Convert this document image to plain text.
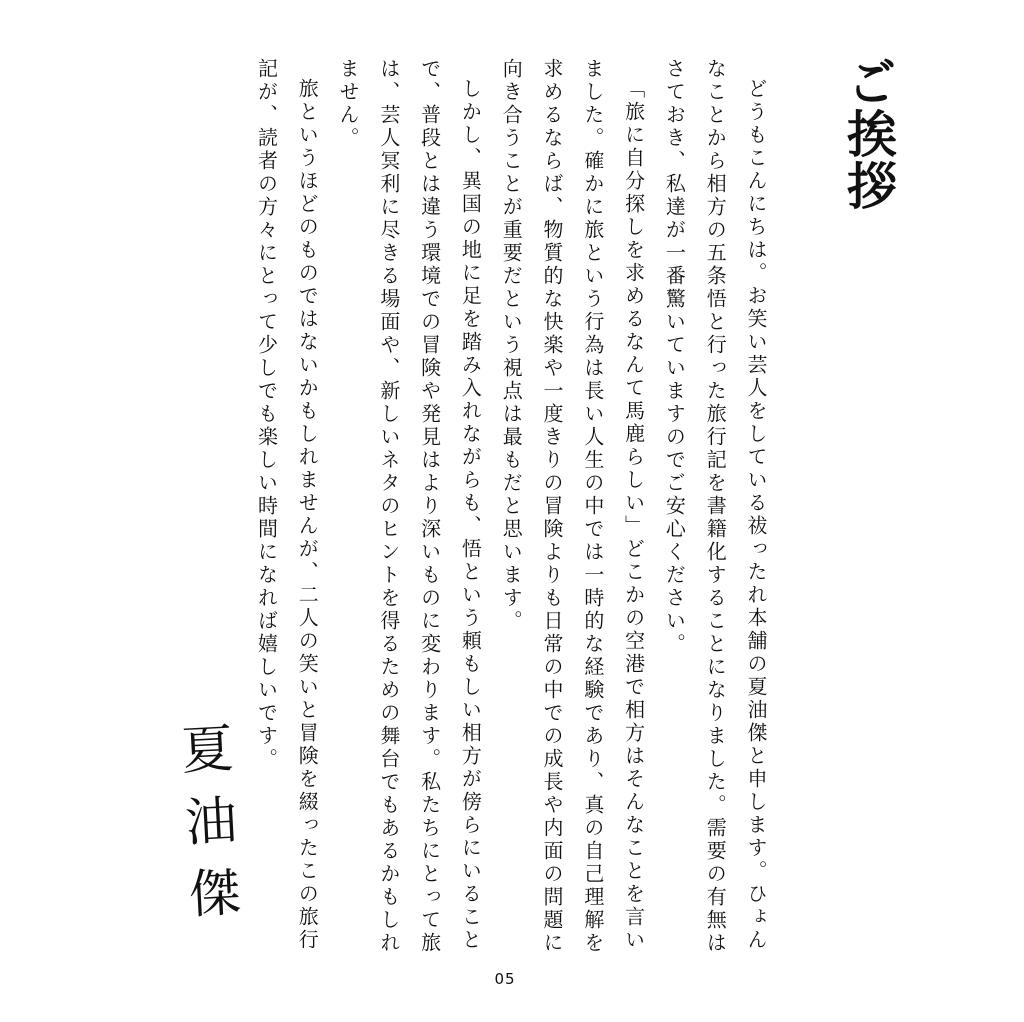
ご挨拶

どうもこんにちは。お笑い芸人をしている祓ったれ本舗の夏油傑と申します。ひょんなことから相方の五条悟と行った旅行記を書籍化することになりました。需要の有無はさておき、私達が一番驚いていますのでご安心ください。

「旅に自分探しを求めるなんて馬鹿らしい」どこかの空港で相方はそんなことを言いました。確かに旅という行為は長い人生の中では一時的な経験であり、真の自己理解を求めるならば、物質的な快楽や一度きりの冒険よりも日常の中での成長や内面の問題に向き合うことが重要だという視点は最もだと思います。

しかし、異国の地に足を踏み入れながらも、悟という頼もしい相方が傍らにいることで、普段とは違う環境での冒険や発見はより深いものに変わります。私たちにとって旅は、芸人冥利に尽きる場面や、新しいネタのヒントを得るための舞台でもあるかもしれません。

旅というほどのものではないかもしれませんが、二人の笑いと冒険を綴ったこの旅行記が、読者の方々にとって少しでも楽しい時間になれば嬉しいです。

夏油傑
05
